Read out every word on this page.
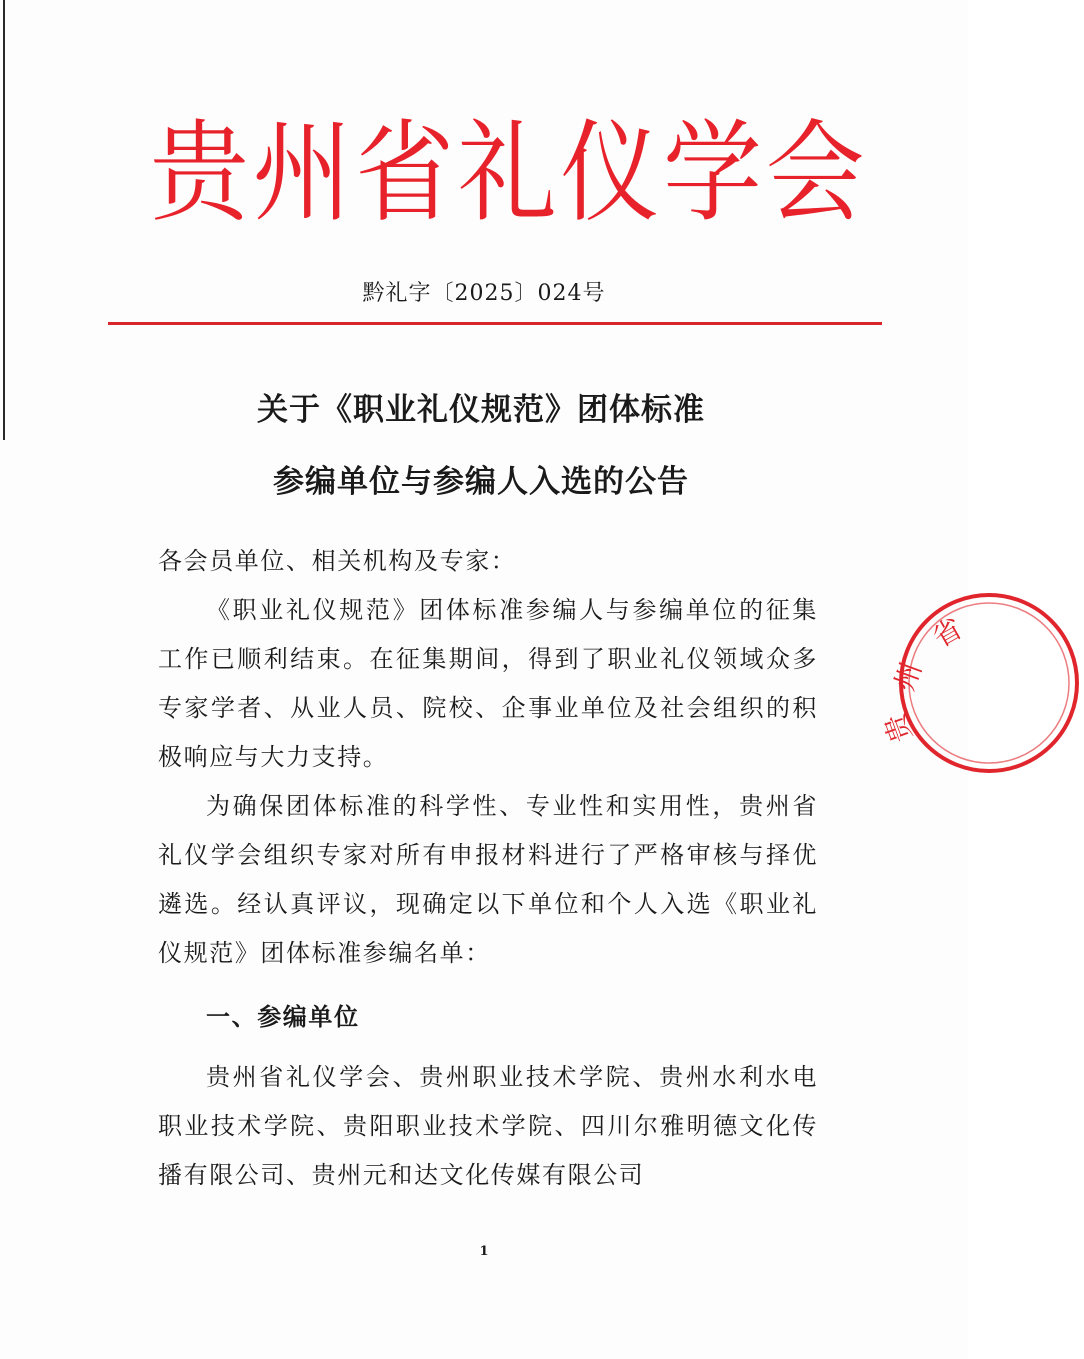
贵州省礼仪学会
黔礼字〔2025〕024号
关于《职业礼仪规范》团体标准
参编单位与参编人入选的公告
各会员单位、相关机构及专家：
《职业礼仪规范》团体标准参编人与参编单位的征集工作已顺利结束。在征集期间，得到了职业礼仪领域众多专家学者、从业人员、院校、企事业单位及社会组织的积极响应与大力支持。
为确保团体标准的科学性、专业性和实用性，贵州省礼仪学会组织专家对所有申报材料进行了严格审核与择优遴选。经认真评议，现确定以下单位和个人入选《职业礼仪规范》团体标准参编名单：
一、参编单位
贵州省礼仪学会、贵州职业技术学院、贵州水利水电职业技术学院、贵阳职业技术学院、四川尔雅明德文化传播有限公司、贵州元和达文化传媒有限公司
1
省
州
贵
